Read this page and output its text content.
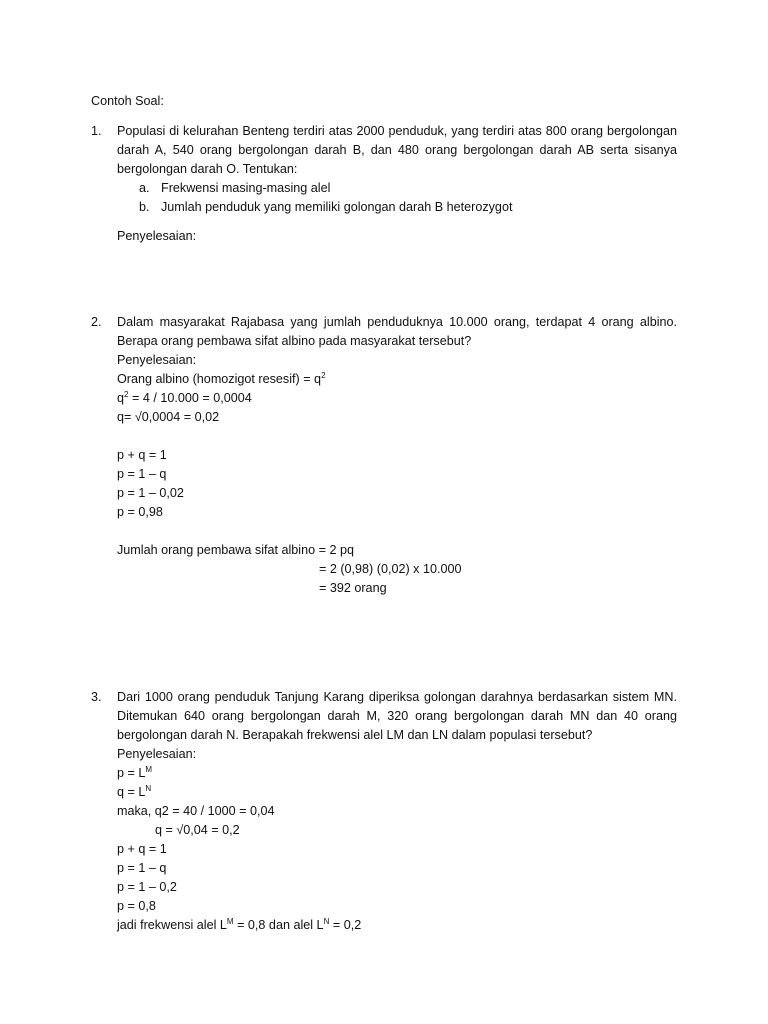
Contoh Soal:
1.	Populasi di kelurahan Benteng terdiri atas 2000 penduduk, yang terdiri atas 800 orang bergolongan darah A, 540 orang bergolongan darah B, dan 480 orang bergolongan darah AB serta sisanya bergolongan darah O. Tentukan:
a. Frekwensi masing-masing alel
b. Jumlah penduduk yang memiliki golongan darah B heterozygot
Penyelesaian:
2.	Dalam masyarakat Rajabasa yang jumlah penduduknya 10.000 orang, terdapat 4 orang albino. Berapa orang pembawa sifat albino pada masyarakat tersebut?
Penyelesaian:
Orang albino (homozigot resesif) = $q^2$
$q^2 = 4 / 10.000 = 0,0004$
q= √0,0004 = 0,02
p + q = 1
p = 1 – q
p = 1 – 0,02
p = 0,98
Jumlah orang pembawa sifat albino = 2 pq
= 2 (0,98) (0,02) x 10.000
= 392 orang
3.	Dari 1000 orang penduduk Tanjung Karang diperiksa golongan darahnya berdasarkan sistem MN. Ditemukan 640 orang bergolongan darah M, 320 orang bergolongan darah MN dan 40 orang bergolongan darah N. Berapakah frekwensi alel LM dan LN dalam populasi tersebut?
Penyelesaian:
$p = L^M$
$q = L^N$
maka, q2 = 40 / 1000 = 0,04
q = √0,04 = 0,2
p + q = 1
p = 1 – q
p = 1 – 0,2
p = 0,8
jadi frekwensi alel $L^M = 0,8$ dan alel $L^N = 0,2$
